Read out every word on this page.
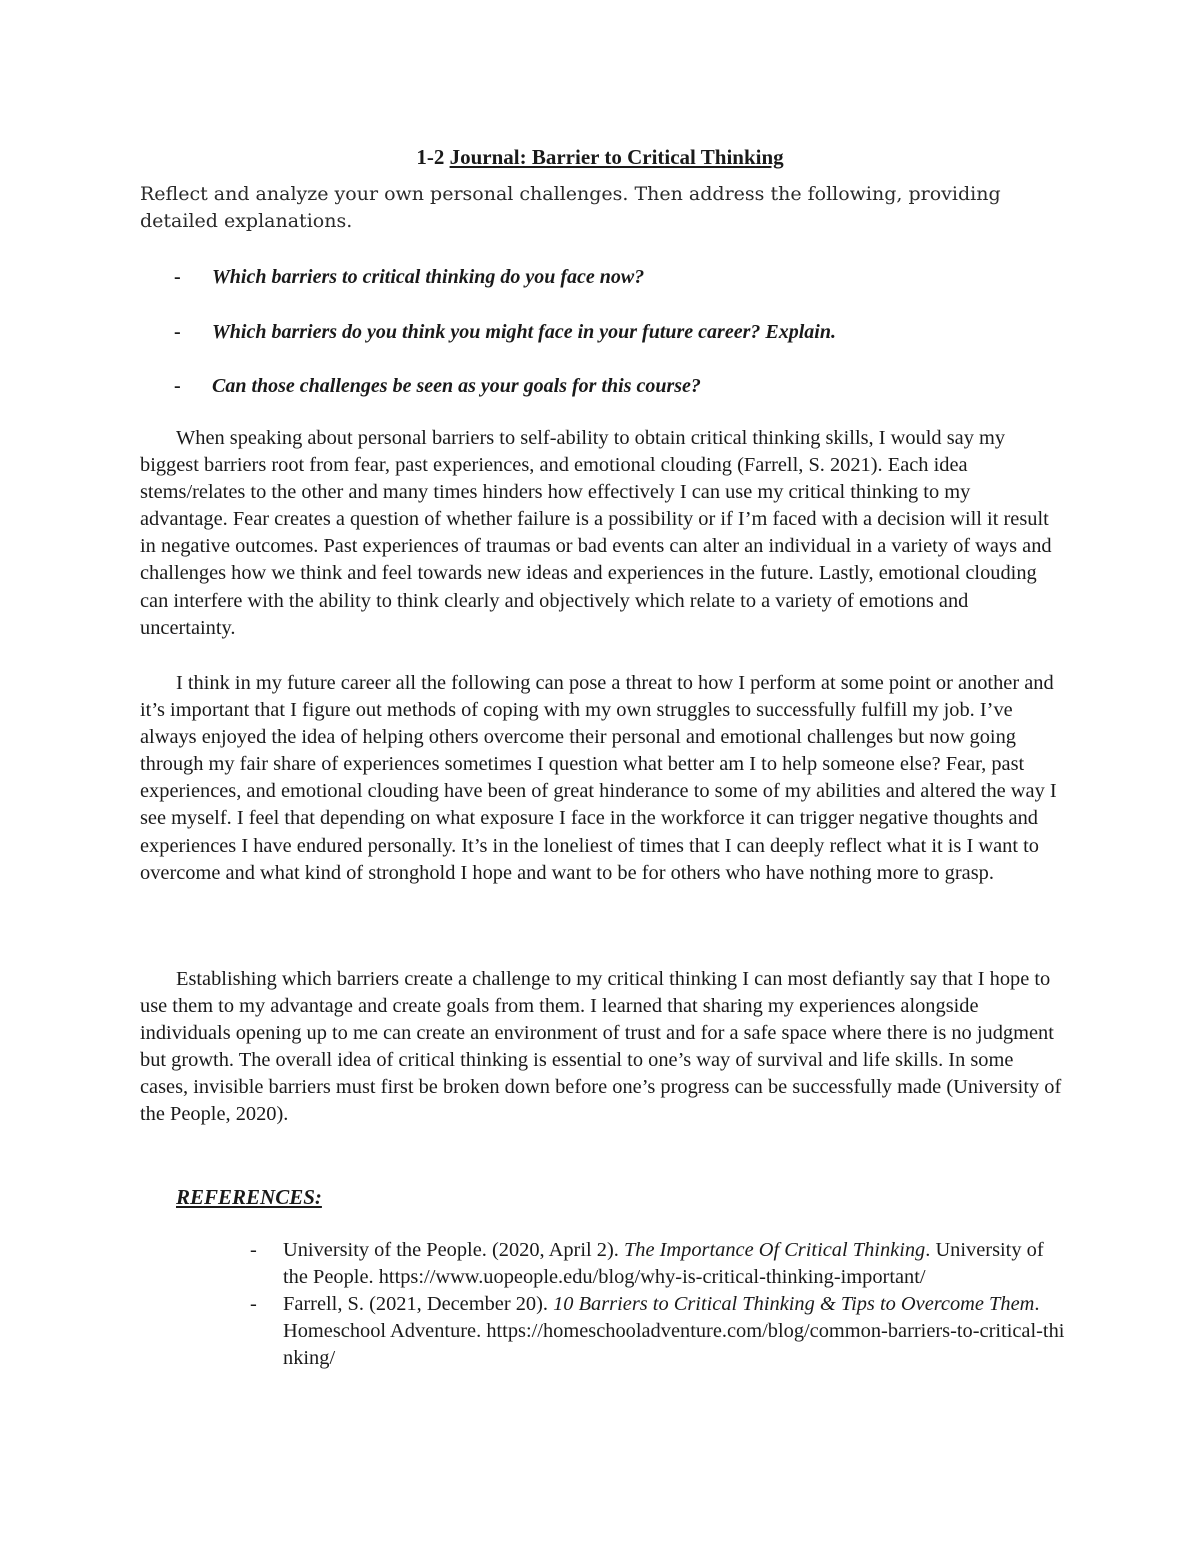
1-2 Journal: Barrier to Critical Thinking
Reflect and analyze your own personal challenges. Then address the following, providing detailed explanations.
- Which barriers to critical thinking do you face now?
- Which barriers do you think you might face in your future career? Explain.
- Can those challenges be seen as your goals for this course?

When speaking about personal barriers to self-ability to obtain critical thinking skills, I would say my biggest barriers root from fear, past experiences, and emotional clouding (Farrell, S. 2021). Each idea stems/relates to the other and many times hinders how effectively I can use my critical thinking to my advantage. Fear creates a question of whether failure is a possibility or if I’m faced with a decision will it result in negative outcomes. Past experiences of traumas or bad events can alter an individual in a variety of ways and challenges how we think and feel towards new ideas and experiences in the future. Lastly, emotional clouding can interfere with the ability to think clearly and objectively which relate to a variety of emotions and uncertainty.

I think in my future career all the following can pose a threat to how I perform at some point or another and it’s important that I figure out methods of coping with my own struggles to successfully fulfill my job. I’ve always enjoyed the idea of helping others overcome their personal and emotional challenges but now going through my fair share of experiences sometimes I question what better am I to help someone else? Fear, past experiences, and emotional clouding have been of great hinderance to some of my abilities and altered the way I see myself. I feel that depending on what exposure I face in the workforce it can trigger negative thoughts and experiences I have endured personally. It’s in the loneliest of times that I can deeply reflect what it is I want to overcome and what kind of stronghold I hope and want to be for others who have nothing more to grasp.

Establishing which barriers create a challenge to my critical thinking I can most defiantly say that I hope to use them to my advantage and create goals from them. I learned that sharing my experiences alongside individuals opening up to me can create an environment of trust and for a safe space where there is no judgment but growth. The overall idea of critical thinking is essential to one’s way of survival and life skills. In some cases, invisible barriers must first be broken down before one’s progress can be successfully made (University of the People, 2020).

REFERENCES:
- University of the People. (2020, April 2). The Importance Of Critical Thinking. University of the People. https://www.uopeople.edu/blog/why-is-critical-thinking-important/
- Farrell, S. (2021, December 20). 10 Barriers to Critical Thinking & Tips to Overcome Them. Homeschool Adventure. https://homeschooladventure.com/blog/common-barriers-to-critical-thinking/
